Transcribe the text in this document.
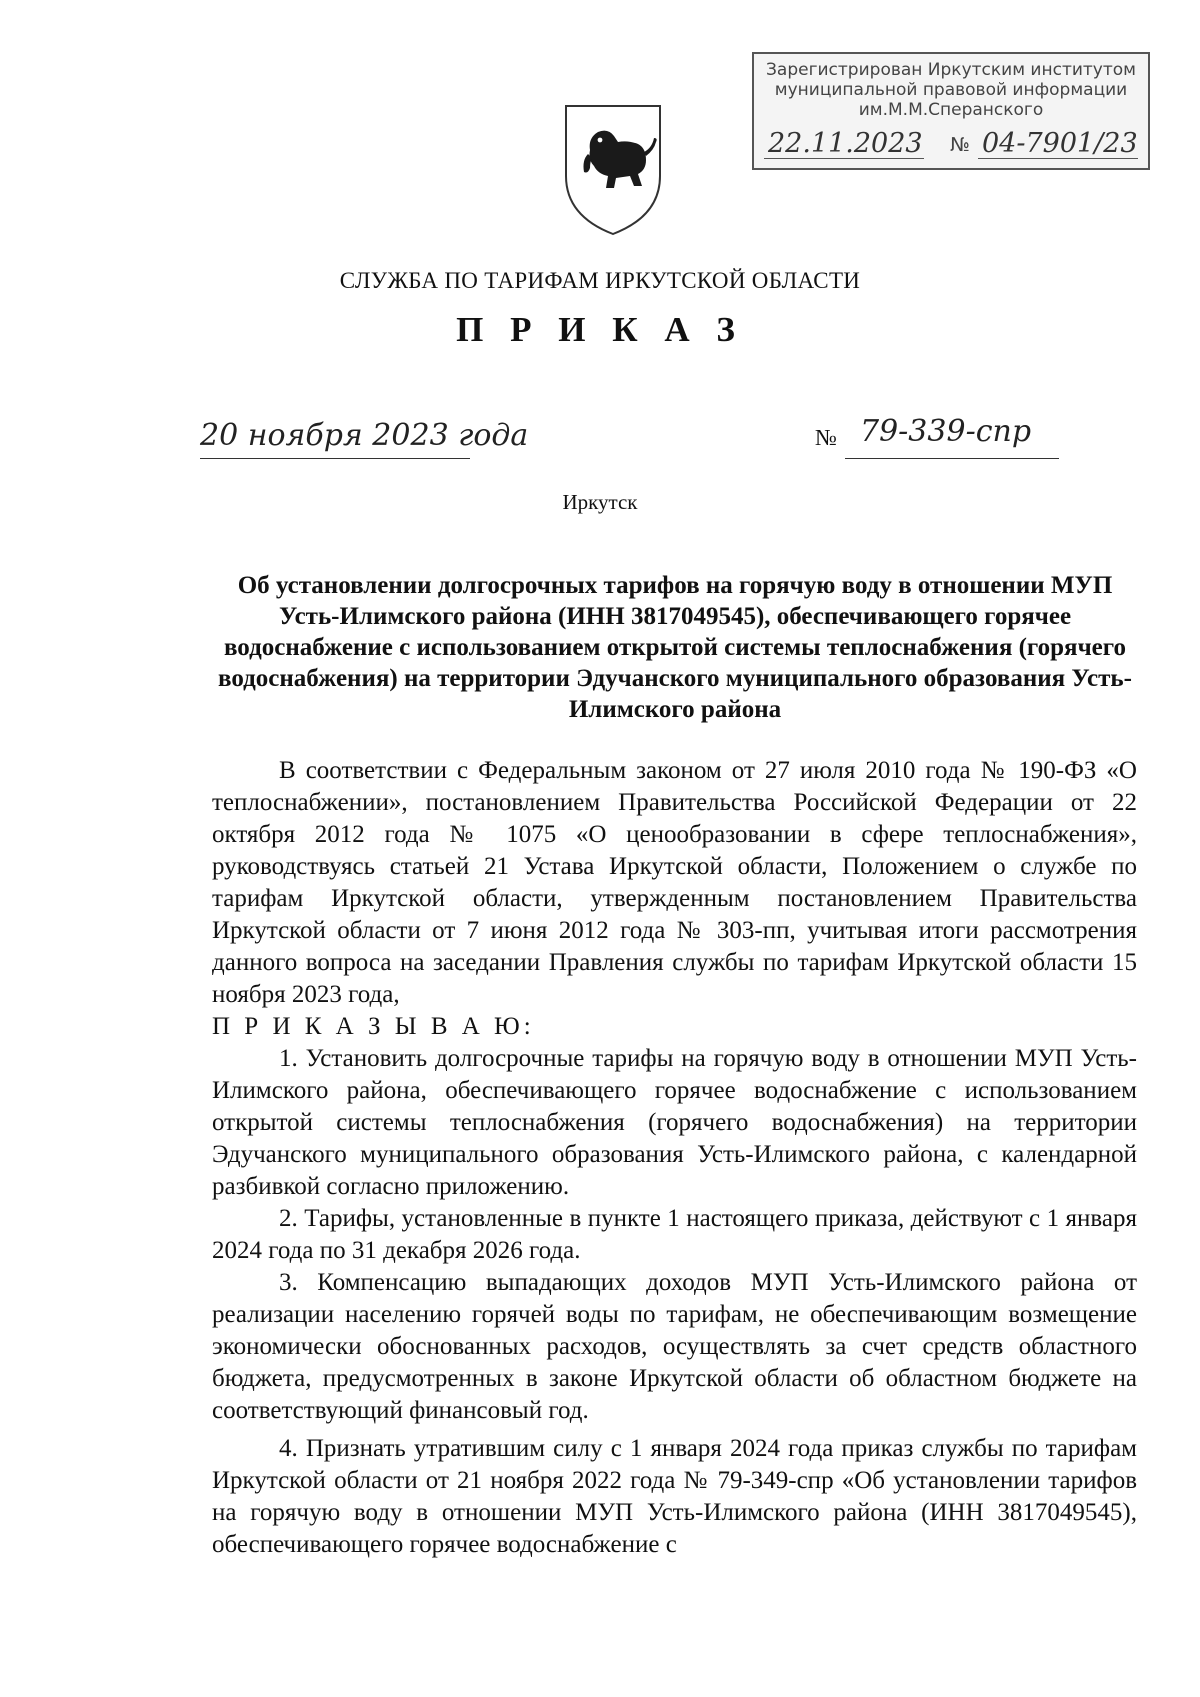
Зарегистрирован Иркутским институтом
муниципальной правовой информации
им.М.М.Сперанского
22.11.2023 № 04-7901/23
СЛУЖБА ПО ТАРИФАМ ИРКУТСКОЙ ОБЛАСТИ
П Р И К А З
20 ноября 2023 года	№ 79-339-спр
Иркутск
Об установлении долгосрочных тарифов на горячую воду в отношении МУП Усть-Илимского района (ИНН 3817049545), обеспечивающего горячее водоснабжение с использованием открытой системы теплоснабжения (горячего водоснабжения) на территории Эдучанского муниципального образования Усть-Илимского района

В соответствии с Федеральным законом от 27 июля 2010 года № 190-ФЗ «О теплоснабжении», постановлением Правительства Российской Федерации от 22 октября 2012 года № 1075 «О ценообразовании в сфере теплоснабжения», руководствуясь статьей 21 Устава Иркутской области, Положением о службе по тарифам Иркутской области, утвержденным постановлением Правительства Иркутской области от 7 июня 2012 года № 303-пп, учитывая итоги рассмотрения данного вопроса на заседании Правления службы по тарифам Иркутской области 15 ноября 2023 года,

П Р И К А З Ы В А Ю:

1. Установить долгосрочные тарифы на горячую воду в отношении МУП Усть-Илимского района, обеспечивающего горячее водоснабжение с использованием открытой системы теплоснабжения (горячего водоснабжения) на территории Эдучанского муниципального образования Усть-Илимского района, с календарной разбивкой согласно приложению.

2. Тарифы, установленные в пункте 1 настоящего приказа, действуют с 1 января 2024 года по 31 декабря 2026 года.

3. Компенсацию выпадающих доходов МУП Усть-Илимского района от реализации населению горячей воды по тарифам, не обеспечивающим возмещение экономически обоснованных расходов, осуществлять за счет средств областного бюджета, предусмотренных в законе Иркутской области об областном бюджете на соответствующий финансовый год.

4. Признать утратившим силу с 1 января 2024 года приказ службы по тарифам Иркутской области от 21 ноября 2022 года № 79-349-спр «Об установлении тарифов на горячую воду в отношении МУП Усть-Илимского района (ИНН 3817049545), обеспечивающего горячее водоснабжение с
